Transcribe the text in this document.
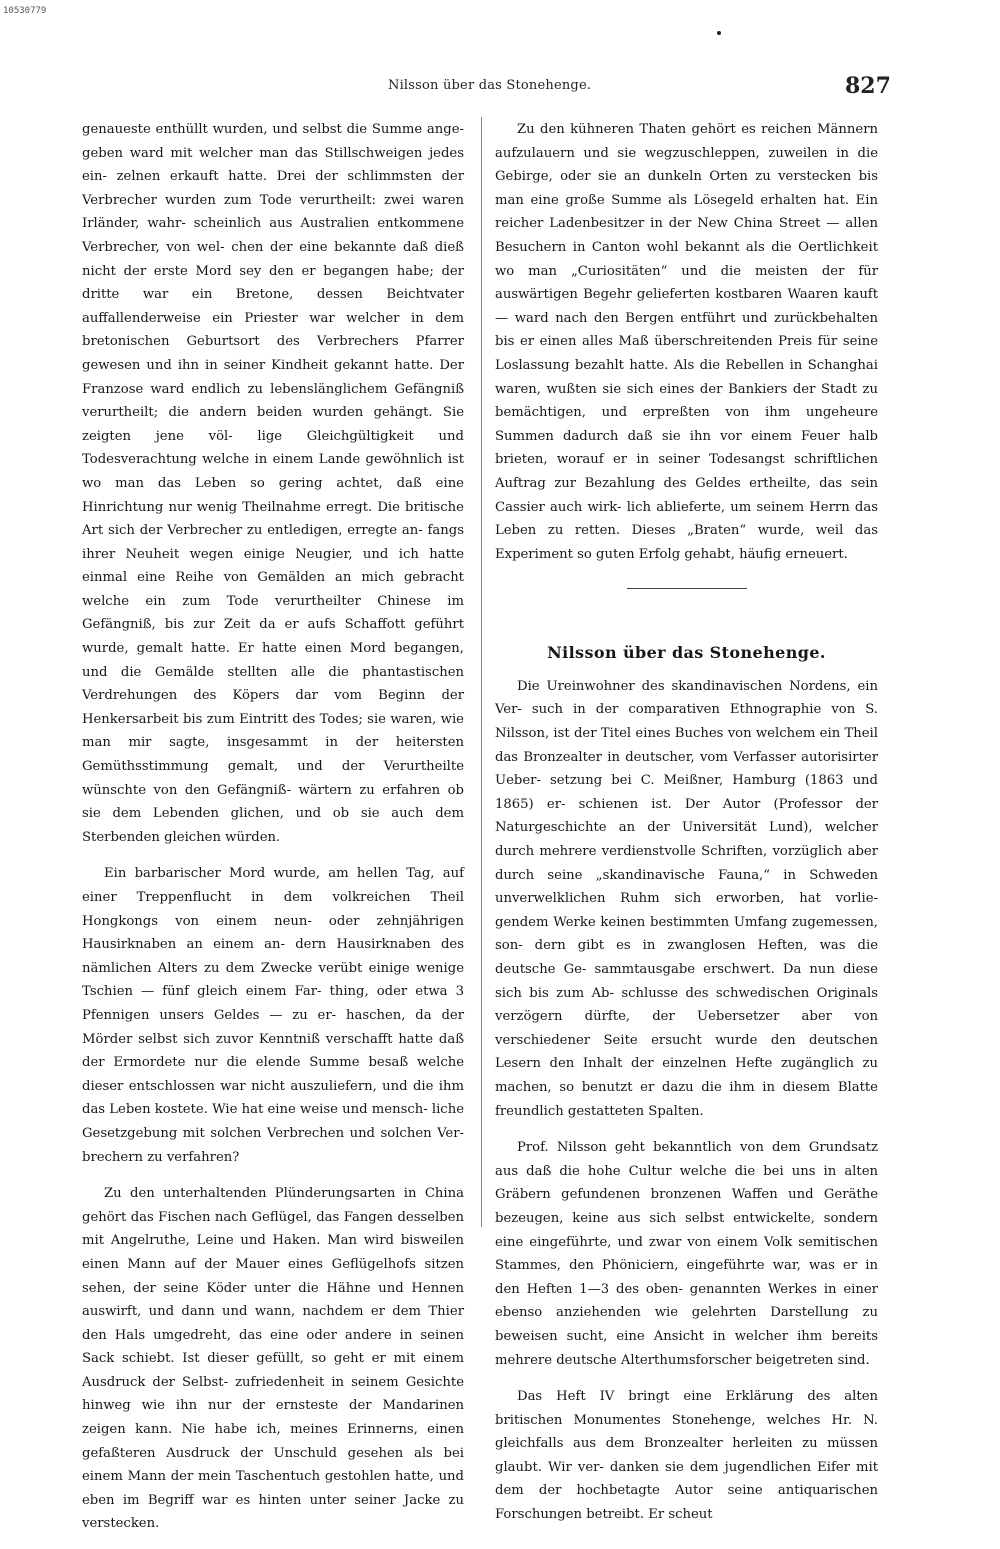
10530779
Nilsson über das Stonehenge.	827

genaueste enthüllt wurden, und selbst die Summe ange- geben ward mit welcher man das Stillschweigen jedes ein- zelnen erkauft hatte. Drei der schlimmsten der Verbrecher wurden zum Tode verurtheilt: zwei waren Irländer, wahr- scheinlich aus Australien entkommene Verbrecher, von wel- chen der eine bekannte daß dieß nicht der erste Mord sey den er begangen habe; der dritte war ein Bretone, dessen Beichtvater auffallenderweise ein Priester war welcher in dem bretonischen Geburtsort des Verbrechers Pfarrer gewesen und ihn in seiner Kindheit gekannt hatte. Der Franzose ward endlich zu lebenslänglichem Gefängniß verurtheilt; die andern beiden wurden gehängt. Sie zeigten jene völ- lige Gleichgültigkeit und Todesverachtung welche in einem Lande gewöhnlich ist wo man das Leben so gering achtet, daß eine Hinrichtung nur wenig Theilnahme erregt. Die britische Art sich der Verbrecher zu entledigen, erregte an- fangs ihrer Neuheit wegen einige Neugier, und ich hatte einmal eine Reihe von Gemälden an mich gebracht welche ein zum Tode verurtheilter Chinese im Gefängniß, bis zur Zeit da er aufs Schaffott geführt wurde, gemalt hatte. Er hatte einen Mord begangen, und die Gemälde stellten alle die phantastischen Verdrehungen des Köpers dar vom Beginn der Henkersarbeit bis zum Eintritt des Todes; sie waren, wie man mir sagte, insgesammt in der heitersten Gemüthsstimmung gemalt, und der Verurtheilte wünschte von den Gefängniß- wärtern zu erfahren ob sie dem Lebenden glichen, und ob sie auch dem Sterbenden gleichen würden.

Ein barbarischer Mord wurde, am hellen Tag, auf einer Treppenflucht in dem volkreichen Theil Hongkongs von einem neun- oder zehnjährigen Hausirknaben an einem an- dern Hausirknaben des nämlichen Alters zu dem Zwecke verübt einige wenige Tschien — fünf gleich einem Far- thing, oder etwa 3 Pfennigen unsers Geldes — zu er- haschen, da der Mörder selbst sich zuvor Kenntniß verschafft hatte daß der Ermordete nur die elende Summe besaß welche dieser entschlossen war nicht auszuliefern, und die ihm das Leben kostete. Wie hat eine weise und mensch- liche Gesetzgebung mit solchen Verbrechen und solchen Ver- brechern zu verfahren?

Zu den unterhaltenden Plünderungsarten in China gehört das Fischen nach Geflügel, das Fangen desselben mit Angelruthe, Leine und Haken. Man wird bisweilen einen Mann auf der Mauer eines Geflügelhofs sitzen sehen, der seine Köder unter die Hähne und Hennen auswirft, und dann und wann, nachdem er dem Thier den Hals umgedreht, das eine oder andere in seinen Sack schiebt. Ist dieser gefüllt, so geht er mit einem Ausdruck der Selbst- zufriedenheit in seinem Gesichte hinweg wie ihn nur der ernsteste der Mandarinen zeigen kann. Nie habe ich, meines Erinnerns, einen gefaßteren Ausdruck der Unschuld gesehen als bei einem Mann der mein Taschentuch gestohlen hatte, und eben im Begriff war es hinten unter seiner Jacke zu verstecken.

Zu den kühneren Thaten gehört es reichen Männern aufzulauern und sie wegzuschleppen, zuweilen in die Gebirge, oder sie an dunkeln Orten zu verstecken bis man eine große Summe als Lösegeld erhalten hat. Ein reicher Ladenbesitzer in der New China Street — allen Besuchern in Canton wohl bekannt als die Oertlichkeit wo man „Curiositäten“ und die meisten der für auswärtigen Begehr gelieferten kostbaren Waaren kauft — ward nach den Bergen entführt und zurückbehalten bis er einen alles Maß überschreitenden Preis für seine Loslassung bezahlt hatte. Als die Rebellen in Schanghai waren, wußten sie sich eines der Bankiers der Stadt zu bemächtigen, und erpreßten von ihm ungeheure Summen dadurch daß sie ihn vor einem Feuer halb brieten, worauf er in seiner Todesangst schriftlichen Auftrag zur Bezahlung des Geldes ertheilte, das sein Cassier auch wirk- lich ablieferte, um seinem Herrn das Leben zu retten. Dieses „Braten“ wurde, weil das Experiment so guten Erfolg gehabt, häufig erneuert.

Nilsson über das Stonehenge.

Die Ureinwohner des skandinavischen Nordens, ein Ver- such in der comparativen Ethnographie von S. Nilsson, ist der Titel eines Buches von welchem ein Theil das Bronzealter in deutscher, vom Verfasser autorisirter Ueber- setzung bei C. Meißner, Hamburg (1863 und 1865) er- schienen ist. Der Autor (Professor der Naturgeschichte an der Universität Lund), welcher durch mehrere verdienstvolle Schriften, vorzüglich aber durch seine „skandinavische Fauna,“ in Schweden unverwelklichen Ruhm sich erworben, hat vorlie- gendem Werke keinen bestimmten Umfang zugemessen, son- dern gibt es in zwanglosen Heften, was die deutsche Ge- sammtausgabe erschwert. Da nun diese sich bis zum Ab- schlusse des schwedischen Originals verzögern dürfte, der Uebersetzer aber von verschiedener Seite ersucht wurde den deutschen Lesern den Inhalt der einzelnen Hefte zugänglich zu machen, so benutzt er dazu die ihm in diesem Blatte freundlich gestatteten Spalten.

Prof. Nilsson geht bekanntlich von dem Grundsatz aus daß die hohe Cultur welche die bei uns in alten Gräbern gefundenen bronzenen Waffen und Geräthe bezeugen, keine aus sich selbst entwickelte, sondern eine eingeführte, und zwar von einem Volk semitischen Stammes, den Phöniciern, eingeführte war, was er in den Heften 1—3 des oben- genannten Werkes in einer ebenso anziehenden wie gelehrten Darstellung zu beweisen sucht, eine Ansicht in welcher ihm bereits mehrere deutsche Alterthumsforscher beigetreten sind.

Das Heft IV bringt eine Erklärung des alten britischen Monumentes Stonehenge, welches Hr. N. gleichfalls aus dem Bronzealter herleiten zu müssen glaubt. Wir ver- danken sie dem jugendlichen Eifer mit dem der hochbetagte Autor seine antiquarischen Forschungen betreibt. Er scheut
